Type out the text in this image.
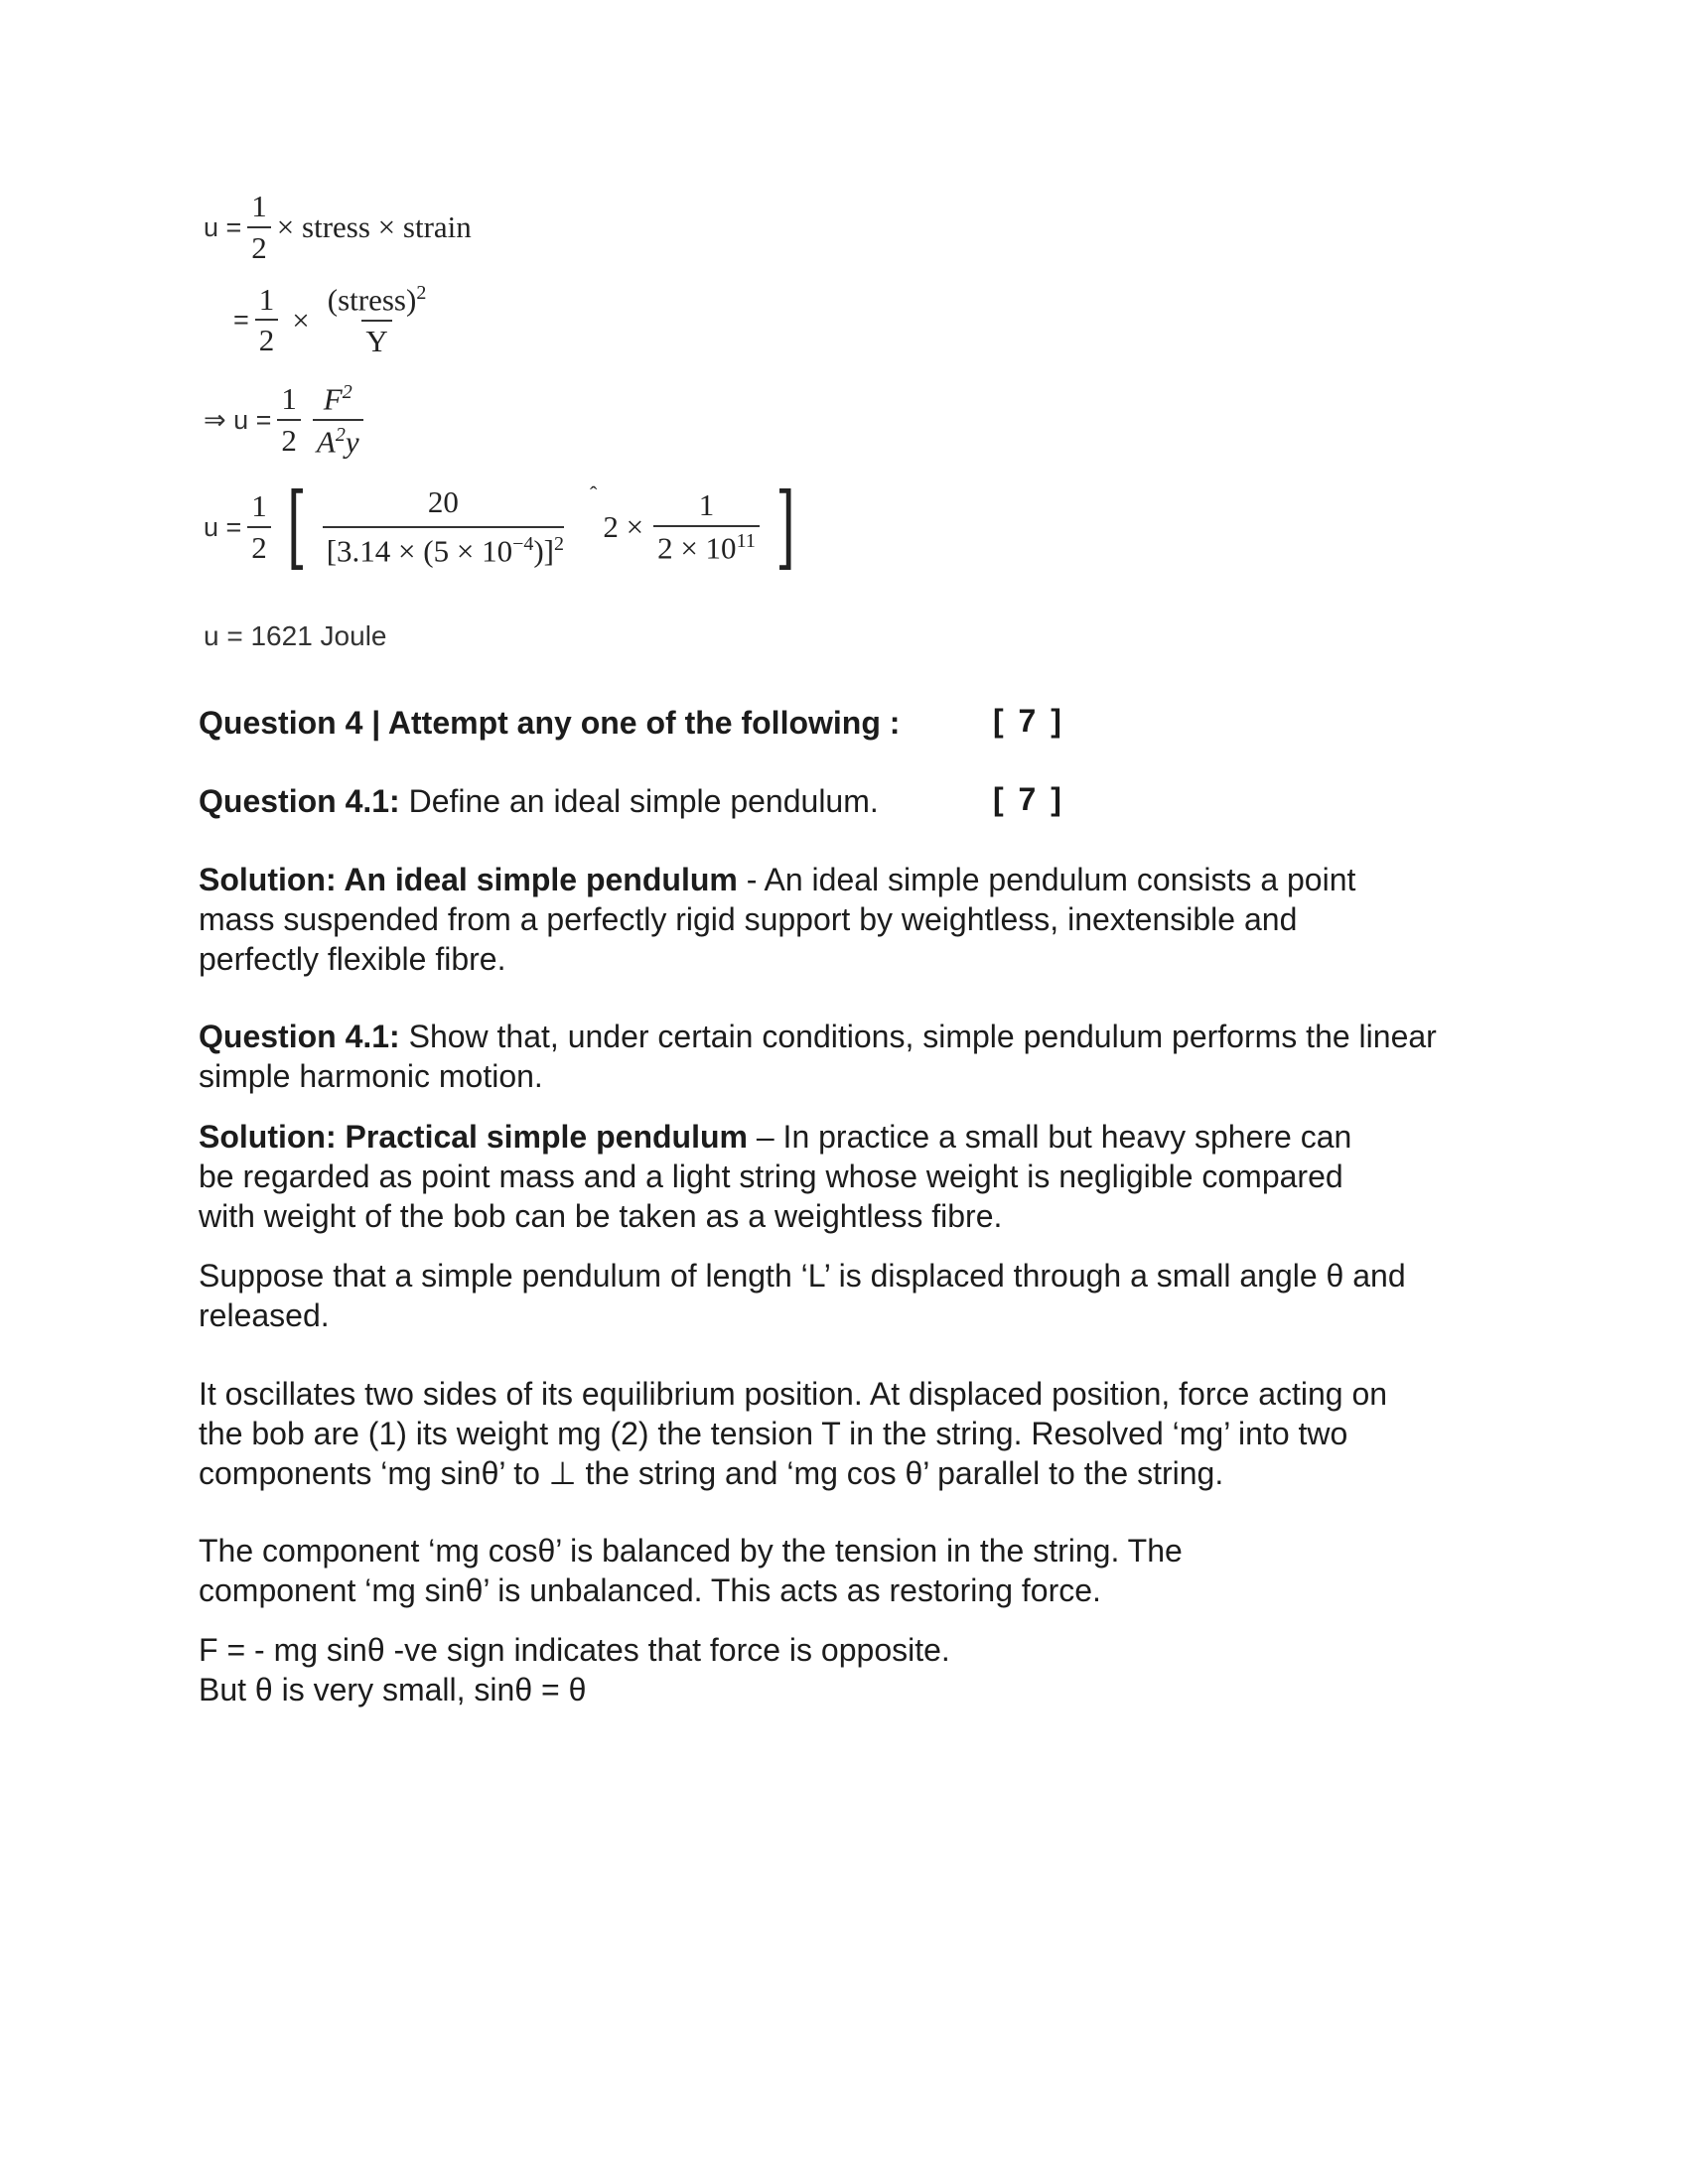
$u = \frac{1}{2}$ × stress × strain
= $\frac{1}{2} \times \frac{(stress)^2}{Y}$
⇒ $u = \frac{1}{2} \frac{F^2}{A^2y}$
$u = \frac{1}{2}$ [ $\frac{20}{[3.14 \times (5 \times 10^{-4})]^2}$ ˆ
$2 \times \frac{1}{2 \times 10^{11}}$ ]
u = 1621 Joule
Question 4 | Attempt any one of the following :	[ 7 ]
Question 4.1: Define an ideal simple pendulum.	[ 7 ]
Solution: An ideal simple pendulum - An ideal simple pendulum consists a point
mass suspended from a perfectly rigid support by weightless, inextensible and
perfectly flexible fibre.
Question 4.1: Show that, under certain conditions, simple pendulum performs the linear
simple harmonic motion.
Solution: Practical simple pendulum – In practice a small but heavy sphere can
be regarded as point mass and a light string whose weight is negligible compared
with weight of the bob can be taken as a weightless fibre.
Suppose that a simple pendulum of length ‘L’ is displaced through a small angle θ and
released.
It oscillates two sides of its equilibrium position. At displaced position, force acting on
the bob are (1) its weight mg (2) the tension T in the string. Resolved ‘mg’ into two
components ‘mg sinθ’ to ⊥ the string and ‘mg cos θ’ parallel to the string.
The component ‘mg cosθ’ is balanced by the tension in the string. The
component ‘mg sinθ’ is unbalanced. This acts as restoring force.
F = - mg sinθ -ve sign indicates that force is opposite.
But θ is very small, sinθ = θ
